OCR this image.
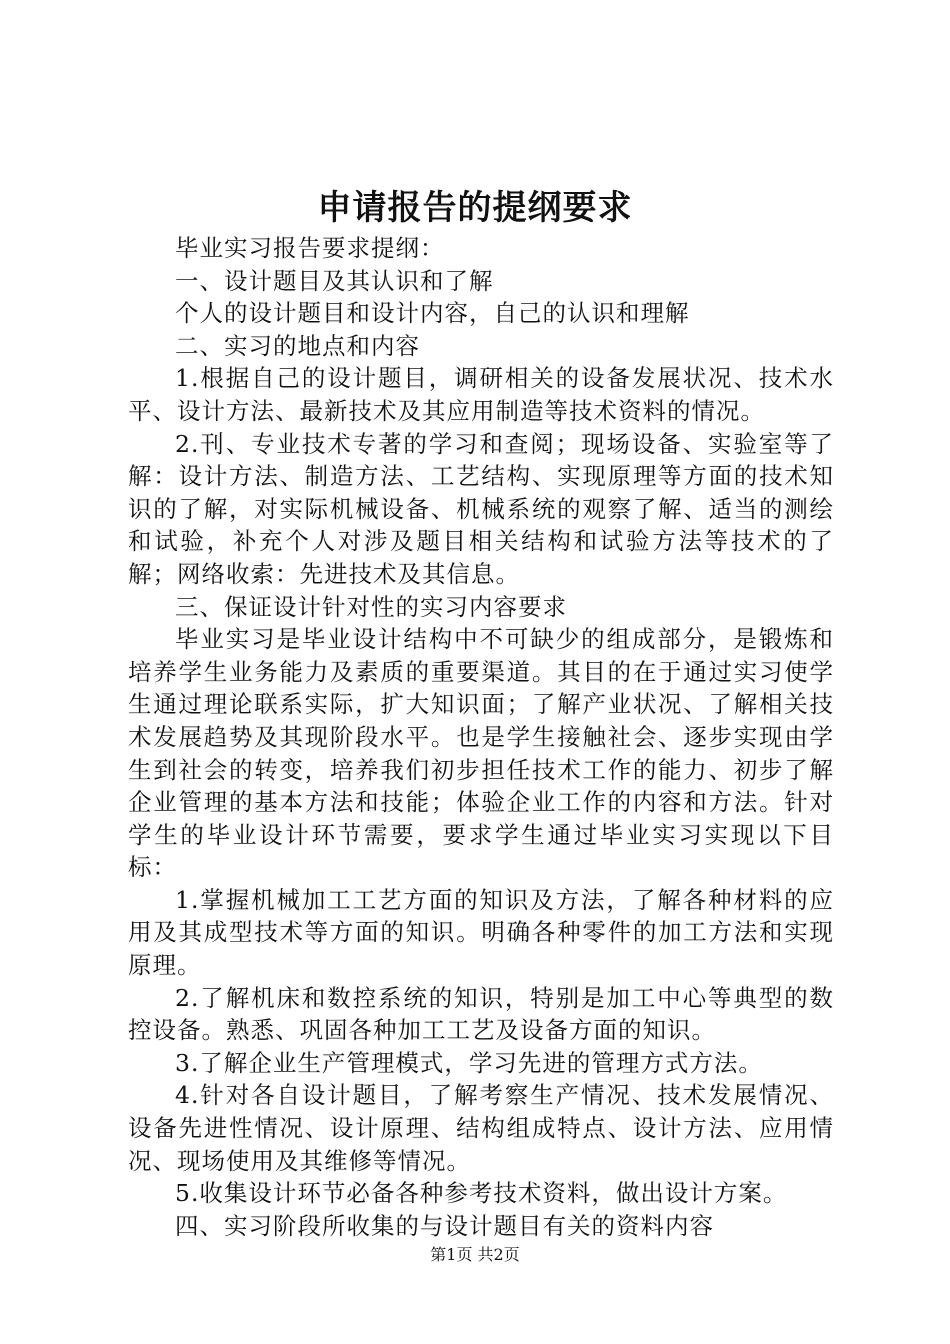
申请报告的提纲要求

毕业实习报告要求提纲：

一、设计题目及其认识和了解

个人的设计题目和设计内容，自己的认识和理解

二、实习的地点和内容

1.根据自己的设计题目，调研相关的设备发展状况、技术水平、设计方法、最新技术及其应用制造等技术资料的情况。

2.刊、专业技术专著的学习和查阅；现场设备、实验室等了解：设计方法、制造方法、工艺结构、实现原理等方面的技术知识的了解，对实际机械设备、机械系统的观察了解、适当的测绘和试验，补充个人对涉及题目相关结构和试验方法等技术的了解；网络收索：先进技术及其信息。

三、保证设计针对性的实习内容要求

毕业实习是毕业设计结构中不可缺少的组成部分，是锻炼和培养学生业务能力及素质的重要渠道。其目的在于通过实习使学生通过理论联系实际，扩大知识面；了解产业状况、了解相关技术发展趋势及其现阶段水平。也是学生接触社会、逐步实现由学生到社会的转变，培养我们初步担任技术工作的能力、初步了解企业管理的基本方法和技能；体验企业工作的内容和方法。针对学生的毕业设计环节需要，要求学生通过毕业实习实现以下目标：

1.掌握机械加工工艺方面的知识及方法，了解各种材料的应用及其成型技术等方面的知识。明确各种零件的加工方法和实现原理。

2.了解机床和数控系统的知识，特别是加工中心等典型的数控设备。熟悉、巩固各种加工工艺及设备方面的知识。

3.了解企业生产管理模式，学习先进的管理方式方法。

4.针对各自设计题目，了解考察生产情况、技术发展情况、设备先进性情况、设计原理、结构组成特点、设计方法、应用情况、现场使用及其维修等情况。

5.收集设计环节必备各种参考技术资料，做出设计方案。

四、实习阶段所收集的与设计题目有关的资料内容

第1页 共2页
